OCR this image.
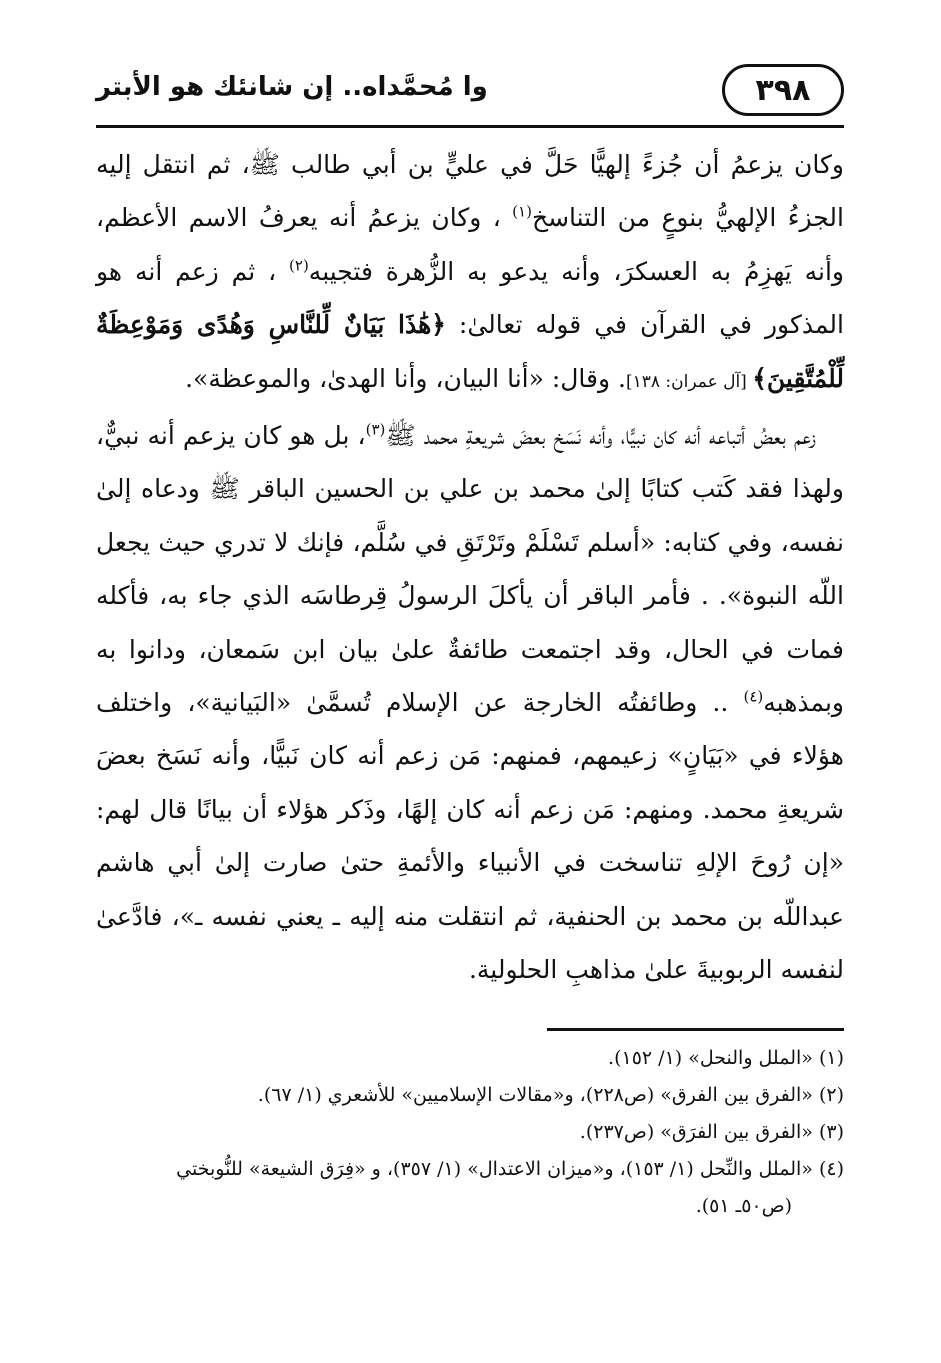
٣٩٨
وا مُحمَّداه.. إن شانئك هو الأبتر

وكان يزعمُ أن جُزءً إلهيًّا حَلَّ في عليٍّ بن أبي طالب ﷺ، ثم انتقل إليه الجزءُ الإلهيُّ بنوعٍ من التناسخ$^{(١)}$ ، وكان يزعمُ أنه يعرفُ الاسم الأعظم، وأنه يَهزِمُ به العسكرَ، وأنه يدعو به الزُّهرة فتجيبه$^{(٢)}$ ، ثم زعم أنه هو المذكور في القرآن في قوله تعالىٰ: ﴿هَٰذَا بَيَانٌ لِّلنَّاسِ وَهُدًى وَمَوْعِظَةٌ لِّلْمُتَّقِينَ﴾ [آل عمران: ١٣٨]. وقال: «أنا البيان، وأنا الهدىٰ، والموعظة».

زعم بعضُ أتباعه أنه كان نبيًّا، وأنه نَسَخ بعضَ شريعةِ محمد ﷺ$^{(٣)}$، بل هو كان يزعم أنه نبيٌّ، ولهذا فقد كَتب كتابًا إلىٰ محمد بن علي بن الحسين الباقر ﷺ ودعاه إلىٰ نفسه، وفي كتابه: «أسلم تَسْلَمْ وتَرْتَقِ في سُلَّم، فإنك لا تدري حيث يجعل اللّه النبوة». . فأمر الباقر أن يأكلَ الرسولُ قِرطاسَه الذي جاء به، فأكله فمات في الحال، وقد اجتمعت طائفةٌ علىٰ بيان ابن سَمعان، ودانوا به وبمذهبه$^{(٤)}$ .. وطائفتُه الخارجة عن الإسلام تُسمَّىٰ «البَيانية»، واختلف هؤلاء في «بَيَانٍ» زعيمهم، فمنهم: مَن زعم أنه كان نَبيًّا، وأنه نَسَخ بعضَ شريعةِ محمد. ومنهم: مَن زعم أنه كان إلهًا، وذَكر هؤلاء أن بيانًا قال لهم: «إن رُوحَ الإلهِ تناسخت في الأنبياء والأئمةِ حتىٰ صارت إلىٰ أبي هاشم عبداللّه بن محمد بن الحنفية، ثم انتقلت منه إليه ـ يعني نفسه ـ»، فادَّعىٰ لنفسه الربوبيةَ علىٰ مذاهبِ الحلولية.

(١) «الملل والنحل» (١/ ١٥٢).

(٢) «الفرق بين الفرق» (ص٢٢٨)، و«مقالات الإسلاميين» للأشعري (١/ ٦٧).

(٣) «الفرق بين الفرَق» (ص٢٣٧).

(٤) «الملل والنِّحل (١/ ١٥٣)، و«ميزان الاعتدال» (١/ ٣٥٧)، و «فِرَق الشيعة» للنُّوبختي

(ص٥٠ـ ٥١).
